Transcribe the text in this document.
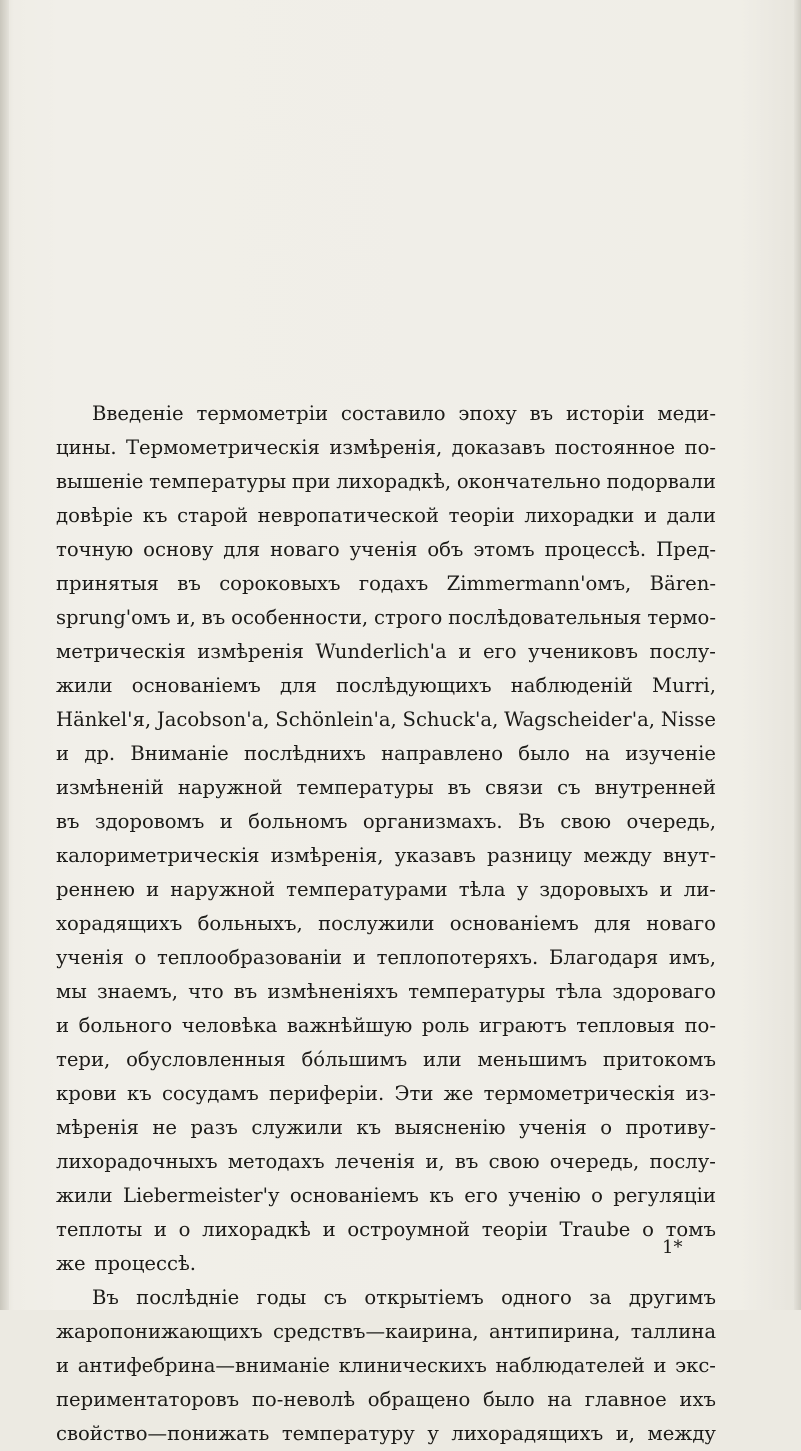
Введеніе термометріи составило эпоху въ исторіи меди-
цины. Термометрическія измѣренія, доказавъ постоянное по-
вышеніе температуры при лихорадкѣ, окончательно подорвали
довѣріе къ старой невропатической теоріи лихорадки и дали
точную основу для новаго ученія объ этомъ процессѣ. Пред-
принятыя въ сороковыхъ годахъ Zimmermann'омъ, Bären-
sprung'омъ и, въ особенности, строго послѣдовательныя термо-
метрическія измѣренія Wunderlich'а и его учениковъ послу-
жили основаніемъ для послѣдующихъ наблюденій Murri,
Hänkel'я, Jacobson'а, Schönlein'а, Schuck'а, Wagscheider'а, Nisse
и др. Вниманіе послѣднихъ направлено было на изученіе
измѣненій наружной температуры въ связи съ внутренней
въ здоровомъ и больномъ организмахъ. Въ свою очередь,
калориметрическія измѣренія, указавъ разницу между внут-
реннею и наружной температурами тѣла у здоровыхъ и ли-
хорадящихъ больныхъ, послужили основаніемъ для новаго
ученія о теплообразованіи и теплопотеряхъ. Благодаря имъ,
мы знаемъ, что въ измѣненіяхъ температуры тѣла здороваго
и больного человѣка важнѣйшую роль играютъ тепловыя по-
тери, обусловленныя бо́льшимъ или меньшимъ притокомъ
крови къ сосудамъ периферіи. Эти же термометрическія из-
мѣренія не разъ служили къ выясненію ученія о противу-
лихорадочныхъ методахъ леченія и, въ свою очередь, послу-
жили Liebermeister'у основаніемъ къ его ученію о регуляціи
теплоты и о лихорадкѣ и остроумной теоріи Traube о томъ
же процессѣ.
Въ послѣдніе годы съ открытіемъ одного за другимъ
жаропонижающихъ средствъ—каирина, антипирина, таллина
и антифебрина—вниманіе клиническихъ наблюдателей и экс-
периментаторовъ по-неволѣ обращено было на главное ихъ
свойство—понижать температуру у лихорадящихъ и, между
1*
